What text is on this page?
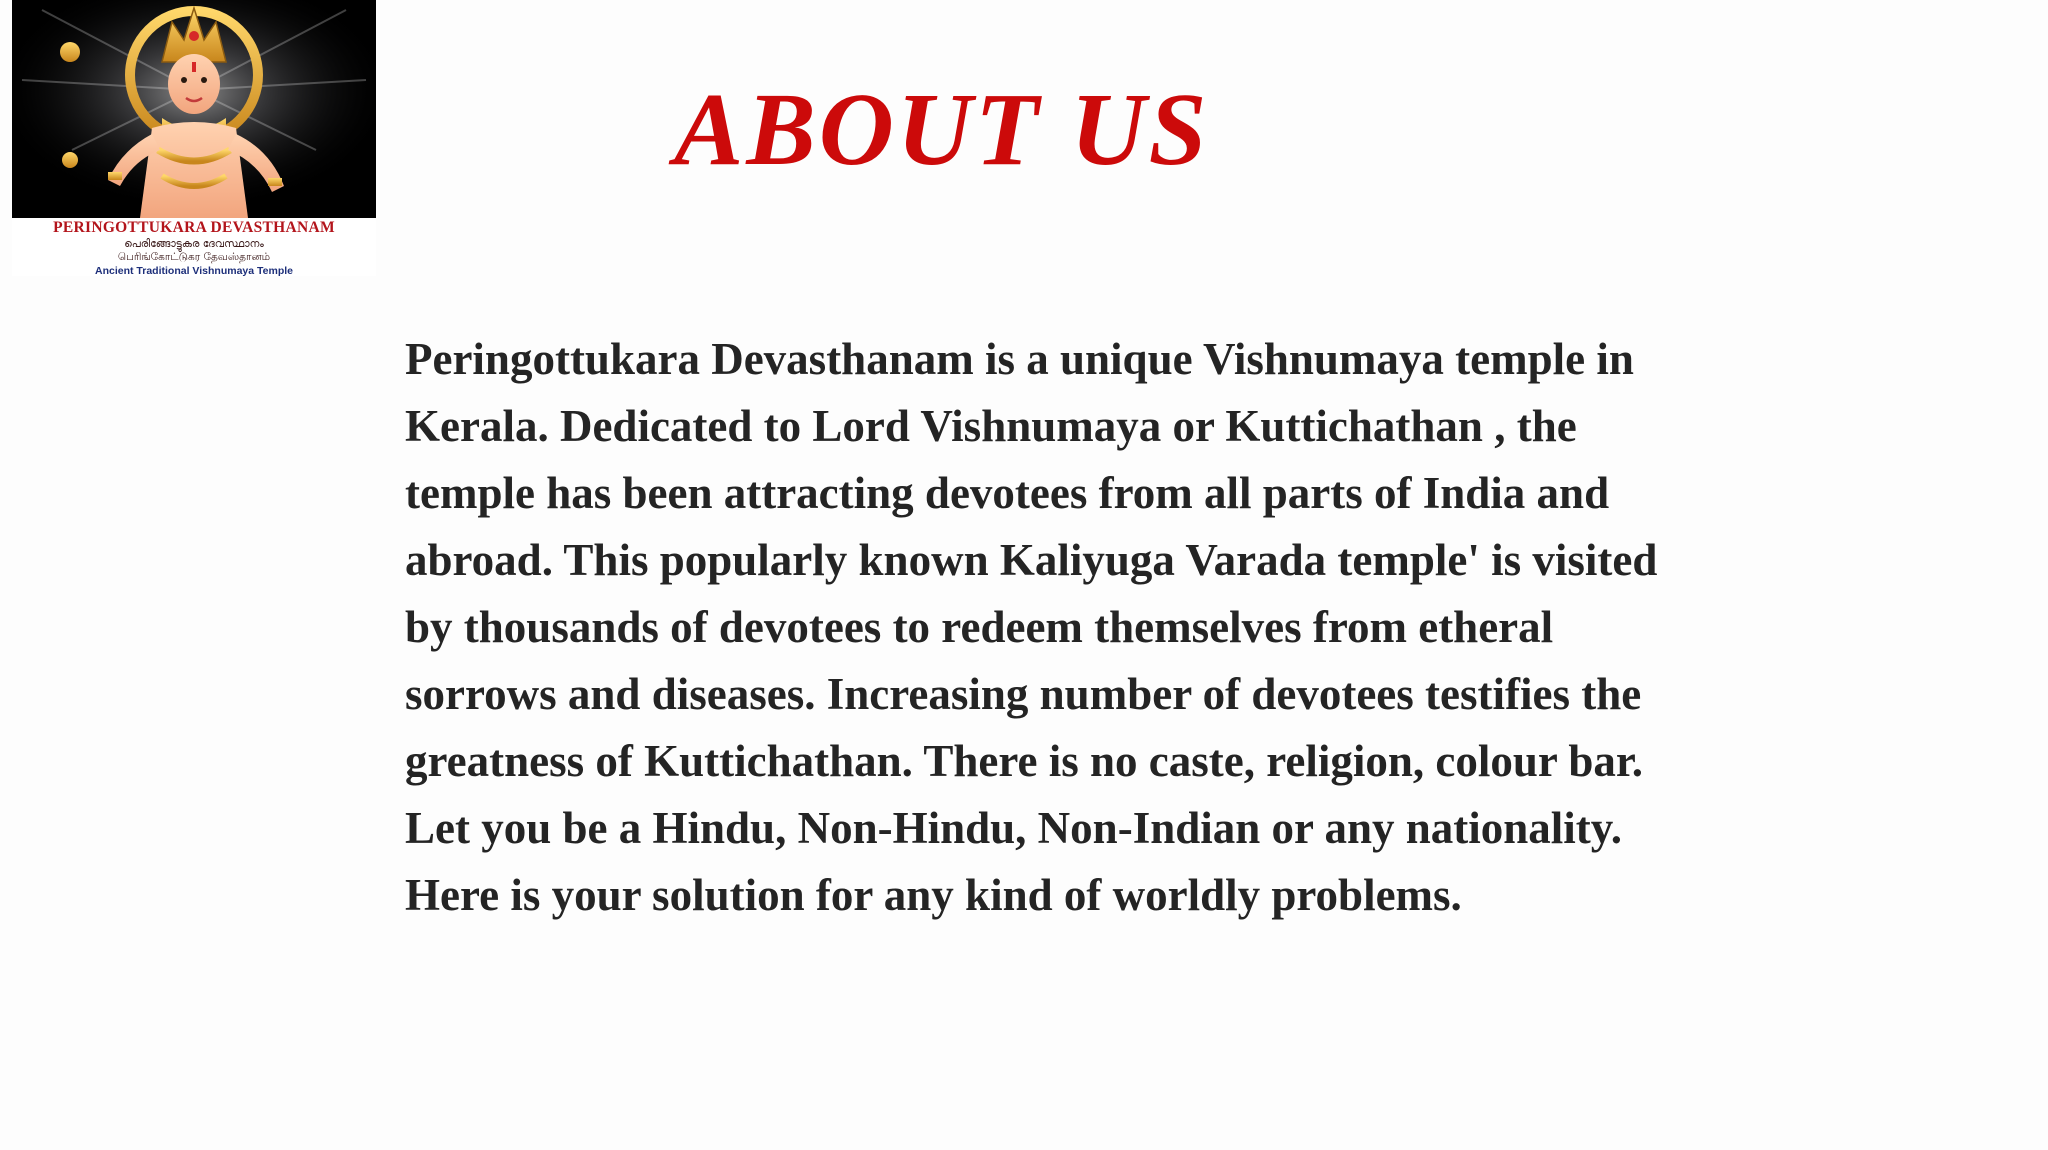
PERINGOTTUKARA DEVASTHANAM
പെരിങ്ങോട്ടുകര ദേവസ്ഥാനം
பெரிங்கோட்டுகர தேவஸ்தானம்
Ancient Traditional Vishnumaya Temple
ABOUT US
Peringottukara Devasthanam is a unique Vishnumaya temple in
Kerala. Dedicated to Lord Vishnumaya or Kuttichathan , the
temple has been attracting devotees from all parts of India and
abroad. This popularly known Kaliyuga Varada temple' is visited
by thousands of devotees to redeem themselves from etheral
sorrows and diseases. Increasing number of devotees testifies the
greatness of Kuttichathan. There is no caste, religion, colour bar.
Let you be a Hindu, Non-Hindu, Non-Indian or any nationality.
Here is your solution for any kind of worldly problems.
